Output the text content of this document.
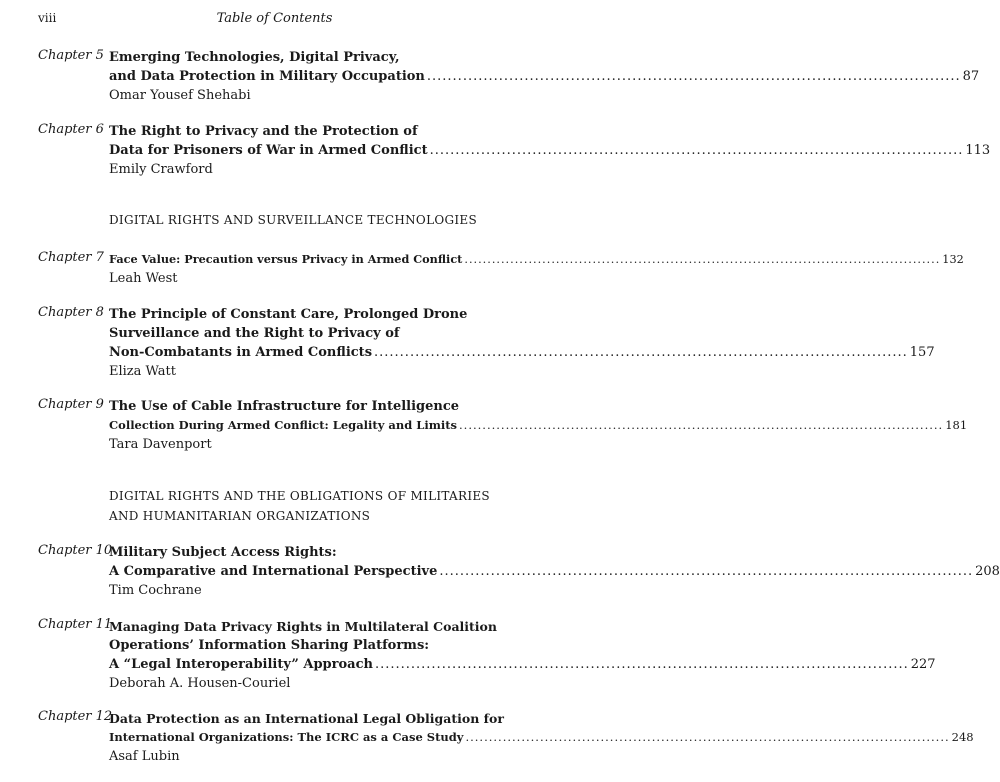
viii	Table of Contents
Chapter 5 Emerging Technologies, Digital Privacy,
and Data Protection in Military Occupation ........................................................................................................ 87
Omar Yousef Shehabi
Chapter 6 The Right to Privacy and the Protection of
Data for Prisoners of War in Armed Conflict ........................................................................................................ 113
Emily Crawford
DIGITAL RIGHTS AND SURVEILLANCE TECHNOLOGIES
Chapter 7 Face Value: Precaution versus Privacy in Armed Conflict ........................................................................................................ 132
Leah West
Chapter 8 The Principle of Constant Care, Prolonged Drone
Surveillance and the Right to Privacy of
Non-Combatants in Armed Conflicts ........................................................................................................ 157
Eliza Watt
Chapter 9 The Use of Cable Infrastructure for Intelligence
Collection During Armed Conflict: Legality and Limits ........................................................................................................ 181
Tara Davenport
DIGITAL RIGHTS AND THE OBLIGATIONS OF MILITARIES
AND HUMANITARIAN ORGANIZATIONS
Chapter 10
Military Subject Access Rights:
A Comparative and International Perspective ........................................................................................................ 208
Tim Cochrane
Chapter 11
Managing Data Privacy Rights in Multilateral Coalition
Operations’ Information Sharing Platforms:
A “Legal Interoperability” Approach ........................................................................................................ 227
Deborah A. Housen-Couriel
Chapter 12
Data Protection as an International Legal Obligation for
International Organizations: The ICRC as a Case Study ........................................................................................................ 248
Asaf Lubin
